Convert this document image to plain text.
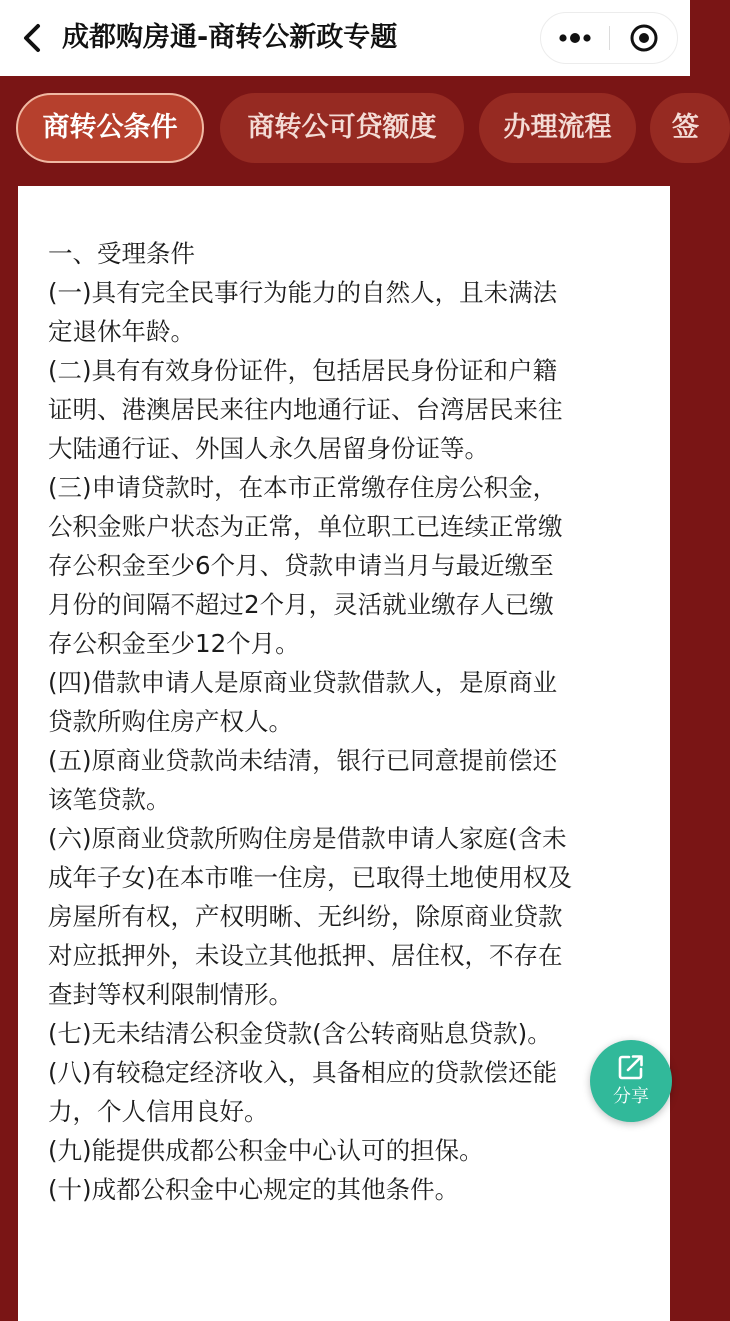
成都购房通-商转公新政专题
商转公条件	商转公可贷额度	办理流程	签
一、受理条件
(一)具有完全民事行为能力的自然人，且未满法
定退休年龄。
(二)具有有效身份证件，包括居民身份证和户籍
证明、港澳居民来往内地通行证、台湾居民来往
大陆通行证、外国人永久居留身份证等。
(三)申请贷款时，在本市正常缴存住房公积金，
公积金账户状态为正常，单位职工已连续正常缴
存公积金至少6个月、贷款申请当月与最近缴至
月份的间隔不超过2个月，灵活就业缴存人已缴
存公积金至少12个月。
(四)借款申请人是原商业贷款借款人，是原商业
贷款所购住房产权人。
(五)原商业贷款尚未结清，银行已同意提前偿还
该笔贷款。
(六)原商业贷款所购住房是借款申请人家庭(含未
成年子女)在本市唯一住房，已取得土地使用权及
房屋所有权，产权明晰、无纠纷，除原商业贷款
对应抵押外，未设立其他抵押、居住权，不存在
查封等权利限制情形。
(七)无未结清公积金贷款(含公转商贴息贷款)。
(八)有较稳定经济收入，具备相应的贷款偿还能
力，个人信用良好。
(九)能提供成都公积金中心认可的担保。
(十)成都公积金中心规定的其他条件。
分享
